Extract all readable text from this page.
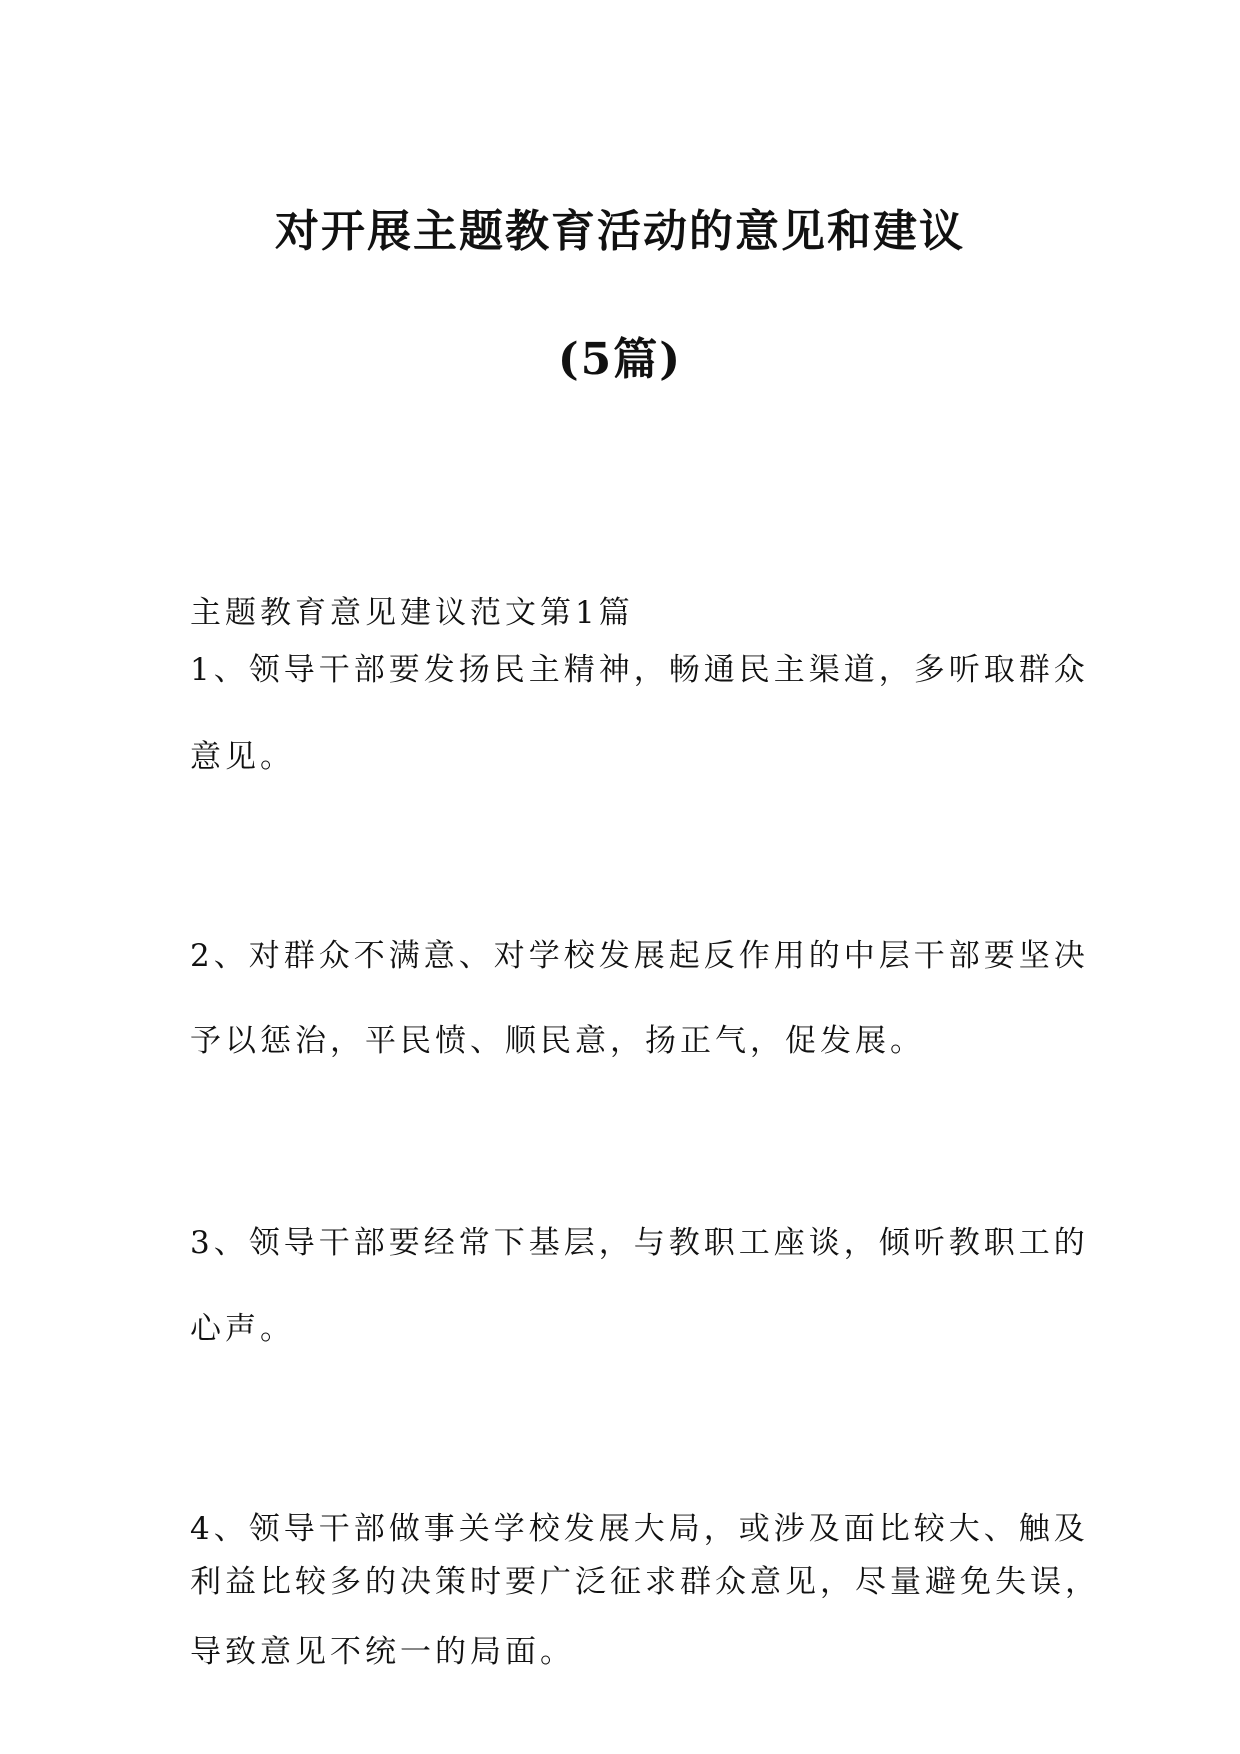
对开展主题教育活动的意见和建议
(5篇)
主题教育意见建议范文第1篇
1、领导干部要发扬民主精神，畅通民主渠道，多听取群众
意见。
2、对群众不满意、对学校发展起反作用的中层干部要坚决
予以惩治，平民愤、顺民意，扬正气，促发展。
3、领导干部要经常下基层，与教职工座谈，倾听教职工的
心声。
4、领导干部做事关学校发展大局，或涉及面比较大、触及
利益比较多的决策时要广泛征求群众意见，尽量避免失误，
导致意见不统一的局面。
